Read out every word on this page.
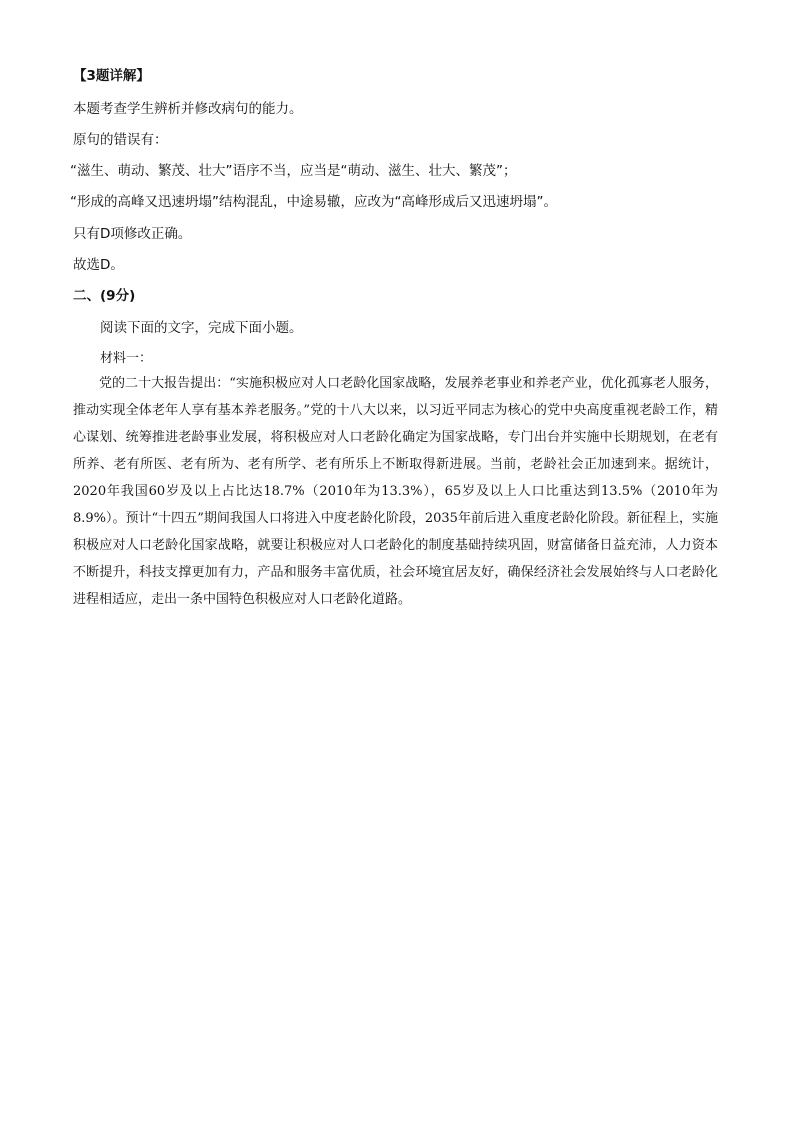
【3题详解】
本题考查学生辨析并修改病句的能力。
原句的错误有：
“滋生、萌动、繁茂、壮大”语序不当，应当是“萌动、滋生、壮大、繁茂”；
“形成的高峰又迅速坍塌”结构混乱，中途易辙，应改为“高峰形成后又迅速坍塌”。
只有D项修改正确。
故选D。
二、(9分)
阅读下面的文字，完成下面小题。
材料一：

党的二十大报告提出：“实施积极应对人口老龄化国家战略，发展养老事业和养老产业，优化孤寡老人服务，推动实现全体老年人享有基本养老服务。”党的十八大以来，以习近平同志为核心的党中央高度重视老龄工作，精心谋划、统筹推进老龄事业发展，将积极应对人口老龄化确定为国家战略，专门出台并实施中长期规划，在老有所养、老有所医、老有所为、老有所学、老有所乐上不断取得新进展。当前，老龄社会正加速到来。据统计，2020年我国60岁及以上占比达18.7%（2010年为13.3%），65岁及以上人口比重达到13.5%（2010年为8.9%）。预计“十四五”期间我国人口将进入中度老龄化阶段，2035年前后进入重度老龄化阶段。新征程上，实施积极应对人口老龄化国家战略，就要让积极应对人口老龄化的制度基础持续巩固，财富储备日益充沛，人力资本不断提升，科技支撑更加有力，产品和服务丰富优质，社会环境宜居友好，确保经济社会发展始终与人口老龄化进程相适应，走出一条中国特色积极应对人口老龄化道路。
